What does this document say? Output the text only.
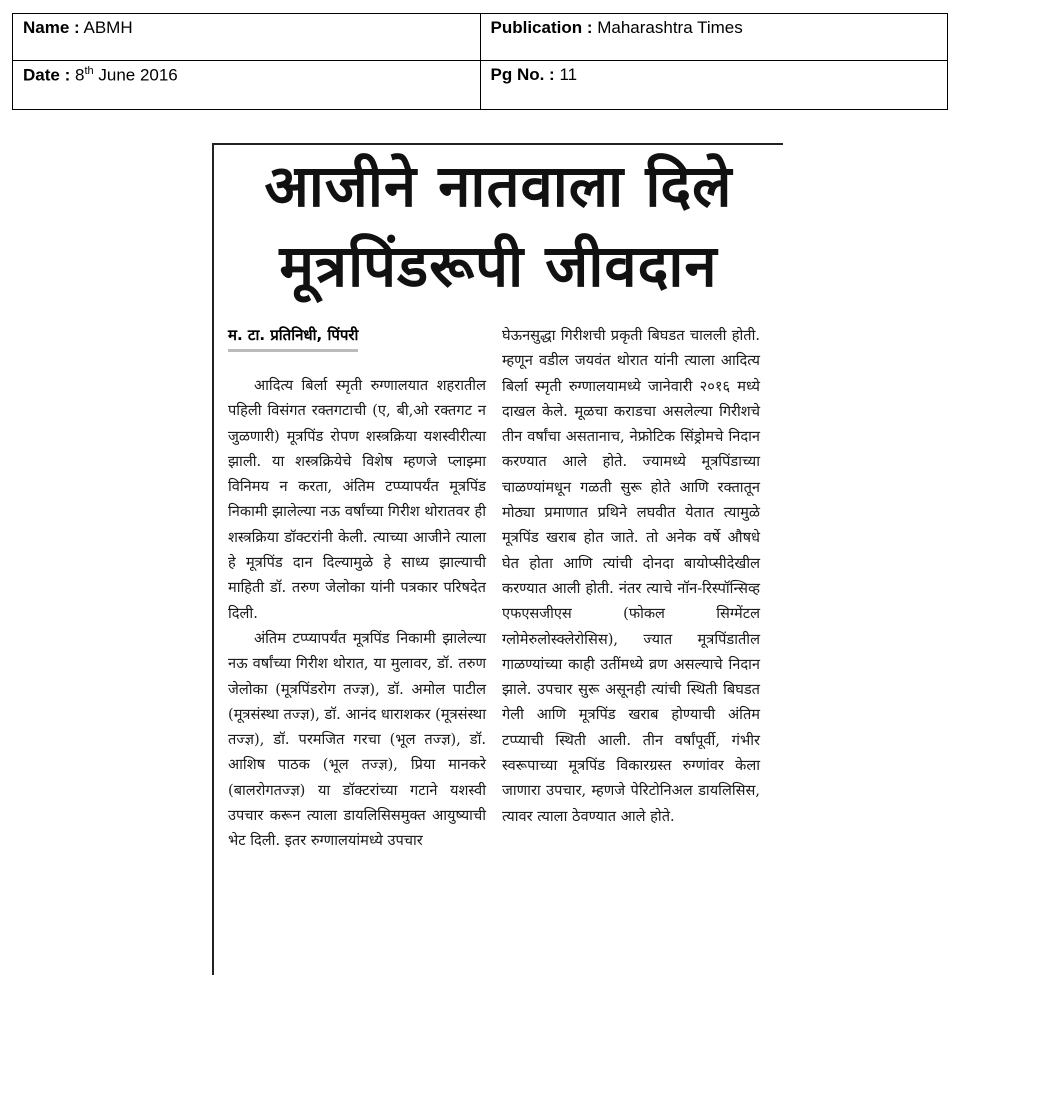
Name : ABMH	Publication : Maharashtra Times
Date : 8th June 2016	Pg No. : 11
आजीने नातवाला दिले
मूत्रपिंडरूपी जीवदान
म. टा. प्रतिनिधी, पिंपरी

आदित्य बिर्ला स्मृती रुग्णालयात शहरातील पहिली विसंगत रक्तगटाची (ए, बी,ओ रक्तगट न जुळणारी) मूत्रपिंड रोपण शस्त्रक्रिया यशस्वीरीत्या झाली. या शस्त्रक्रियेचे विशेष म्हणजे प्लाझ्मा विनिमय न करता, अंतिम टप्प्यापर्यंत मूत्रपिंड निकामी झालेल्या नऊ वर्षांच्या गिरीश थोरातवर ही शस्त्रक्रिया डॉक्टरांनी केली. त्याच्या आजीने त्याला हे मूत्रपिंड दान दिल्यामुळे हे साध्य झाल्याची माहिती डॉ. तरुण जेलोका यांनी पत्रकार परिषदेत दिली.

अंतिम टप्प्यापर्यंत मूत्रपिंड निकामी झालेल्या नऊ वर्षांच्या गिरीश थोरात, या मुलावर, डॉ. तरुण जेलोका (मूत्रपिंडरोग तज्ज्ञ), डॉ. अमोल पाटील (मूत्रसंस्था तज्ज्ञ), डॉ. आनंद धाराशकर (मूत्रसंस्था तज्ज्ञ), डॉ. परमजित गरचा (भूल तज्ज्ञ), डॉ. आशिष पाठक (भूल तज्ज्ञ), प्रिया मानकरे (बालरोगतज्ज्ञ) या डॉक्टरांच्या गटाने यशस्वी उपचार करून त्याला डायलिसिसमुक्त आयुष्याची भेट दिली. इतर रुग्णालयांमध्ये उपचार

घेऊनसुद्धा गिरीशची प्रकृती बिघडत चालली होती. म्हणून वडील जयवंत थोरात यांनी त्याला आदित्य बिर्ला स्मृती रुग्णालयामध्ये जानेवारी २०१६ मध्ये दाखल केले. मूळचा कराडचा असलेल्या गिरीशचे तीन वर्षांचा असतानाच, नेफ्रोटिक सिंड्रोमचे निदान करण्यात आले होते. ज्यामध्ये मूत्रपिंडाच्या चाळण्यांमधून गळती सुरू होते आणि रक्तातून मोठ्या प्रमाणात प्रथिने लघवीत येतात त्यामुळे मूत्रपिंड खराब होत जाते. तो अनेक वर्षे औषधे घेत होता आणि त्यांची दोनदा बायोप्सीदेखील करण्यात आली होती. नंतर त्याचे नॉन-रिस्पॉन्सिव्ह एफएसजीएस (फोकल सिग्मेंटल ग्लोमेरुलोस्क्लेरोसिस), ज्यात मूत्रपिंडातील गाळण्यांच्या काही उतींमध्ये व्रण असल्याचे निदान झाले. उपचार सुरू असूनही त्यांची स्थिती बिघडत गेली आणि मूत्रपिंड खराब होण्याची अंतिम टप्प्याची स्थिती आली. तीन वर्षांपूर्वी, गंभीर स्वरूपाच्या मूत्रपिंड विकारग्रस्त रुग्णांवर केला जाणारा उपचार, म्हणजे पेरिटोनिअल डायलिसिस, त्यावर त्याला ठेवण्यात आले होते.
